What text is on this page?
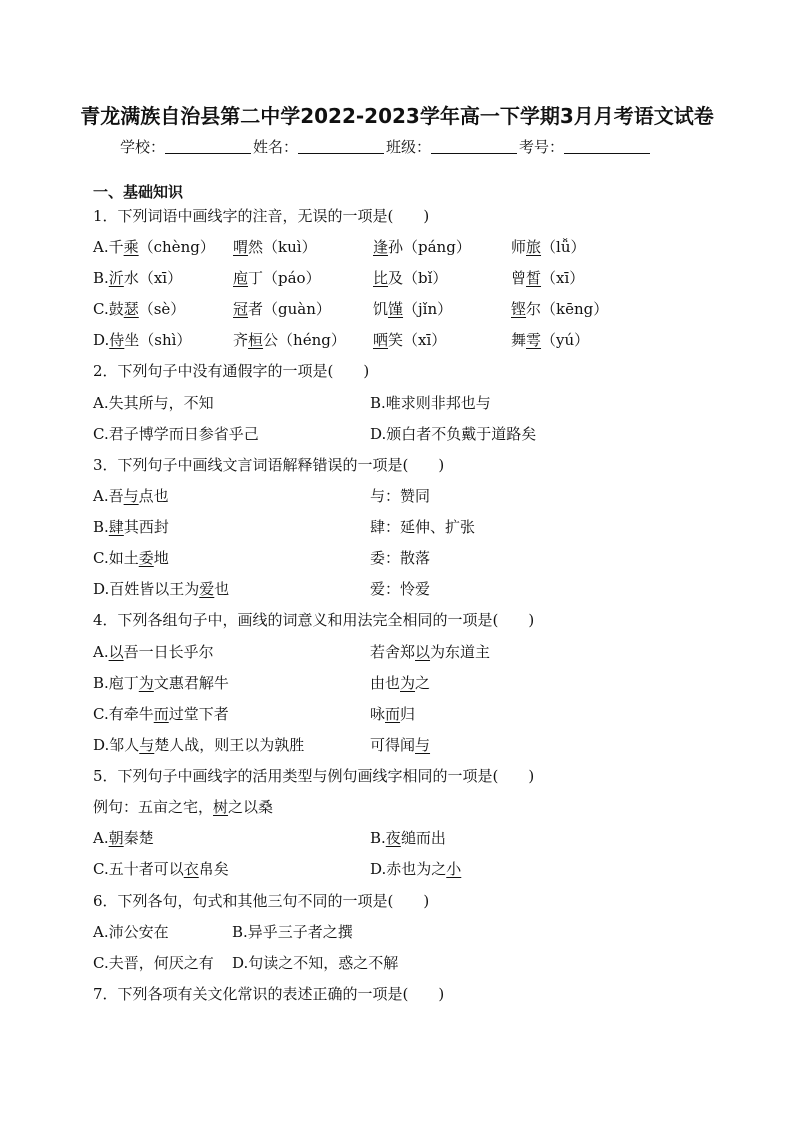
青龙满族自治县第二中学2022-2023学年高一下学期3月月考语文试卷
学校：	姓名：	班级：	考号：
一、基础知识
1．下列词语中画线字的注音，无误的一项是(　　)
A.千乘（chèng） 喟然（kuì）	逢孙（páng）	师旅（lǚ）
B.沂水（xī）	庖丁（páo）	比及（bǐ）	曾皙（xī）
C.鼓瑟（sè）	冠者（guàn）	饥馑（jǐn）	铿尔（kēng）
D.侍坐（shì）	齐桓公（héng） 哂笑（xī）	舞雩（yú）
2．下列句子中没有通假字的一项是(　　)
A.失其所与，不知	B.唯求则非邦也与
C.君子博学而日参省乎己	D.颁白者不负戴于道路矣
3．下列句子中画线文言词语解释错误的一项是(　　)
A.吾与点也	与：赞同
B.肆其西封	肆：延伸、扩张
C.如土委地	委：散落
D.百姓皆以王为爱也	爱：怜爱
4．下列各组句子中，画线的词意义和用法完全相同的一项是(　　)
A.以吾一日长乎尔	若舍郑以为东道主
B.庖丁为文惠君解牛	由也为之
C.有牵牛而过堂下者	咏而归
D.邹人与楚人战，则王以为孰胜	可得闻与
5．下列句子中画线字的活用类型与例句画线字相同的一项是(　　)
例句：五亩之宅，树之以桑
A.朝秦楚	B.夜缒而出
C.五十者可以衣帛矣	D.赤也为之小
6．下列各句，句式和其他三句不同的一项是(　　)
A.沛公安在	B.异乎三子者之撰
C.夫晋，何厌之有 D.句读之不知，惑之不解
7．下列各项有关文化常识的表述正确的一项是(　　)
